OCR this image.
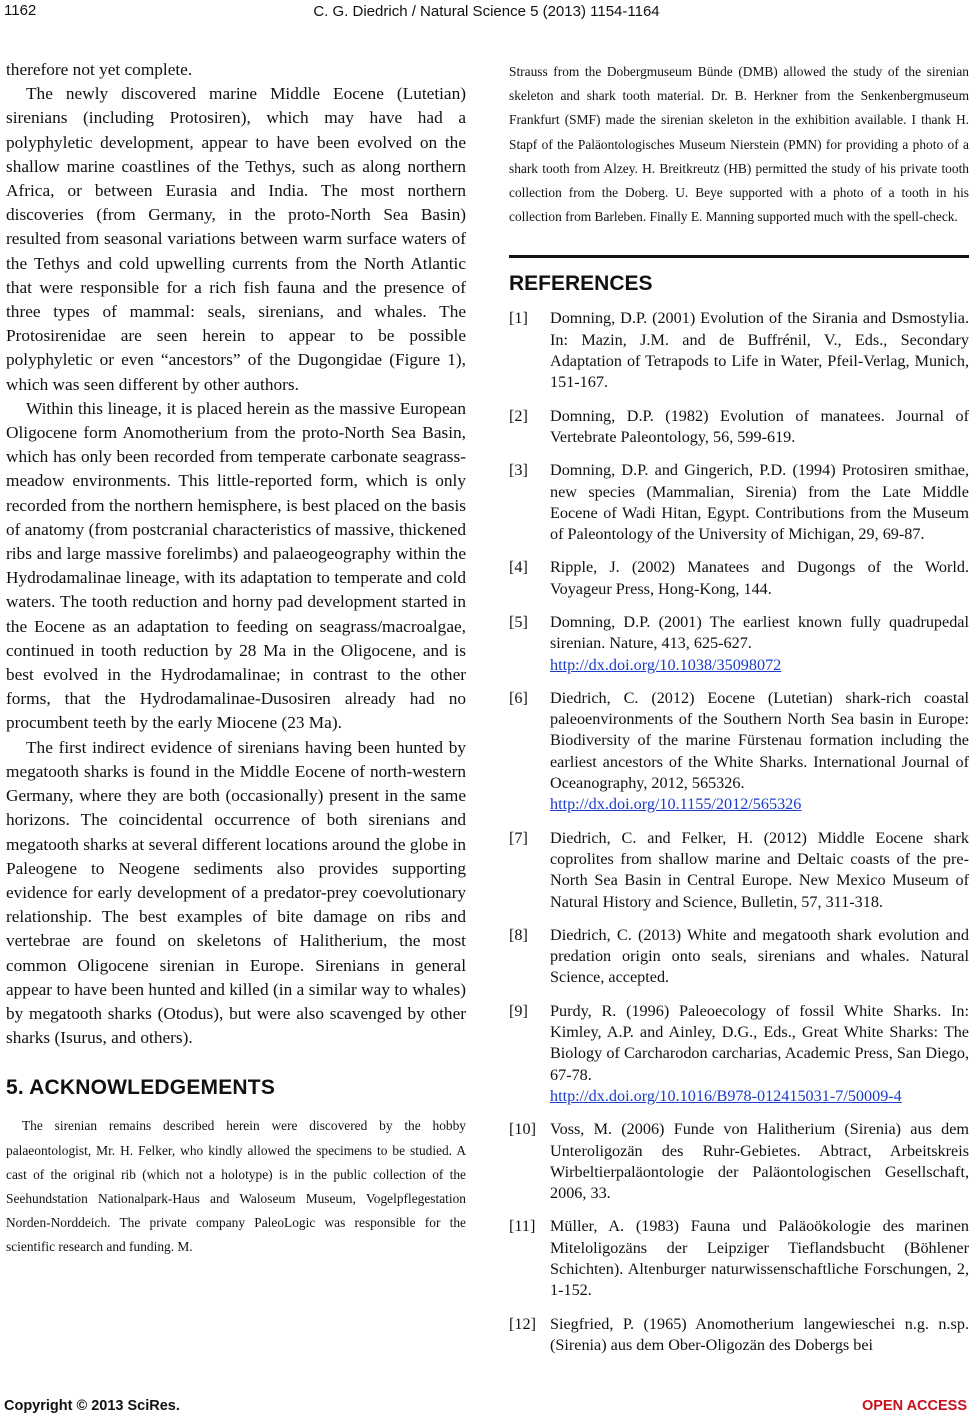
1162	C. G. Diedrich / Natural Science 5 (2013) 1154-1164

therefore not yet complete.

The newly discovered marine Middle Eocene (Lutetian) sirenians (including Protosiren), which may have had a polyphyletic development, appear to have been evolved on the shallow marine coastlines of the Tethys, such as along northern Africa, or between Eurasia and India. The most northern discoveries (from Germany, in the proto-North Sea Basin) resulted from seasonal variations between warm surface waters of the Tethys and cold upwelling currents from the North Atlantic that were responsible for a rich fish fauna and the presence of three types of mammal: seals, sirenians, and whales. The Protosirenidae are seen herein to appear to be possible polyphyletic or even “ancestors” of the Dugongidae (Figure 1), which was seen different by other authors.

Within this lineage, it is placed herein as the massive European Oligocene form Anomotherium from the proto-North Sea Basin, which has only been recorded from temperate carbonate seagrass-meadow environments. This little-reported form, which is only recorded from the northern hemisphere, is best placed on the basis of anatomy (from postcranial characteristics of massive, thickened ribs and large massive forelimbs) and palaeogeography within the Hydrodamalinae lineage, with its adaptation to temperate and cold waters. The tooth reduction and horny pad development started in the Eocene as an adaptation to feeding on seagrass/macroalgae, continued in tooth reduction by 28 Ma in the Oligocene, and is best evolved in the Hydrodamalinae; in contrast to the other forms, that the Hydrodamalinae-Dusosiren already had no procumbent teeth by the early Miocene (23 Ma).

The first indirect evidence of sirenians having been hunted by megatooth sharks is found in the Middle Eocene of north-western Germany, where they are both (occasionally) present in the same horizons. The coincidental occurrence of both sirenians and megatooth sharks at several different locations around the globe in Paleogene to Neogene sediments also provides supporting evidence for early development of a predator-prey coevolutionary relationship. The best examples of bite damage on ribs and vertebrae are found on skeletons of Halitherium, the most common Oligocene sirenian in Europe. Sirenians in general appear to have been hunted and killed (in a similar way to whales) by megatooth sharks (Otodus), but were also scavenged by other sharks (Isurus, and others).

5. ACKNOWLEDGEMENTS

The sirenian remains described herein were discovered by the hobby palaeontologist, Mr. H. Felker, who kindly allowed the specimens to be studied. A cast of the original rib (which not a holotype) is in the public collection of the Seehundstation Nationalpark-Haus and Waloseum Museum, Vogelpflegestation Norden-Norddeich. The private company PaleoLogic was responsible for the scientific research and funding. M.

Strauss from the Dobergmuseum Bünde (DMB) allowed the study of the sirenian skeleton and shark tooth material. Dr. B. Herkner from the Senkenbergmuseum Frankfurt (SMF) made the sirenian skeleton in the exhibition available. I thank H. Stapf of the Paläontologisches Museum Nierstein (PMN) for providing a photo of a shark tooth from Alzey. H. Breitkreutz (HB) permitted the study of his private tooth collection from the Doberg. U. Beye supported with a photo of a tooth in his collection from Barleben. Finally E. Manning supported much with the spell-check.

REFERENCES
[1]	Domning, D.P. (2001) Evolution of the Sirania and Dsmostylia. In: Mazin, J.M. and de Buffrénil, V., Eds., Secondary Adaptation of Tetrapods to Life in Water, Pfeil-Verlag, Munich, 151-167.
[2]	Domning, D.P. (1982) Evolution of manatees. Journal of Vertebrate Paleontology, 56, 599-619.
[3]	Domning, D.P. and Gingerich, P.D. (1994) Protosiren smithae, new species (Mammalian, Sirenia) from the Late Middle Eocene of Wadi Hitan, Egypt. Contributions from the Museum of Paleontology of the University of Michigan, 29, 69-87.
[4]	Ripple, J. (2002) Manatees and Dugongs of the World. Voyageur Press, Hong-Kong, 144.
[5]	Domning, D.P. (2001) The earliest known fully quadrupedal sirenian. Nature, 413, 625-627.
http://dx.doi.org/10.1038/35098072
[6]	Diedrich, C. (2012) Eocene (Lutetian) shark-rich coastal paleoenvironments of the Southern North Sea basin in Europe: Biodiversity of the marine Fürstenau formation including the earliest ancestors of the White Sharks. International Journal of Oceanography, 2012, 565326.
http://dx.doi.org/10.1155/2012/565326
[7]	Diedrich, C. and Felker, H. (2012) Middle Eocene shark coprolites from shallow marine and Deltaic coasts of the pre-North Sea Basin in Central Europe. New Mexico Museum of Natural History and Science, Bulletin, 57, 311-318.
[8]	Diedrich, C. (2013) White and megatooth shark evolution and predation origin onto seals, sirenians and whales. Natural Science, accepted.
[9]	Purdy, R. (1996) Paleoecology of fossil White Sharks. In: Kimley, A.P. and Ainley, D.G., Eds., Great White Sharks: The Biology of Carcharodon carcharias, Academic Press, San Diego, 67-78.
http://dx.doi.org/10.1016/B978-012415031-7/50009-4
[10] Voss, M. (2006) Funde von Halitherium (Sirenia) aus dem Unteroligozän des Ruhr-Gebietes. Abtract, Arbeitskreis Wirbeltierpaläontologie der Paläontologischen Gesellschaft, 2006, 33.
[11] Müller, A. (1983) Fauna und Paläoökologie des marinen Miteloligozäns der Leipziger Tieflandsbucht (Böhlener Schichten). Altenburger naturwissenschaftliche Forschungen, 2, 1-152.
[12] Siegfried, P. (1965) Anomotherium langewieschei n.g. n.sp. (Sirenia) aus dem Ober-Oligozän des Dobergs bei
Copyright © 2013 SciRes.	OPEN ACCESS
